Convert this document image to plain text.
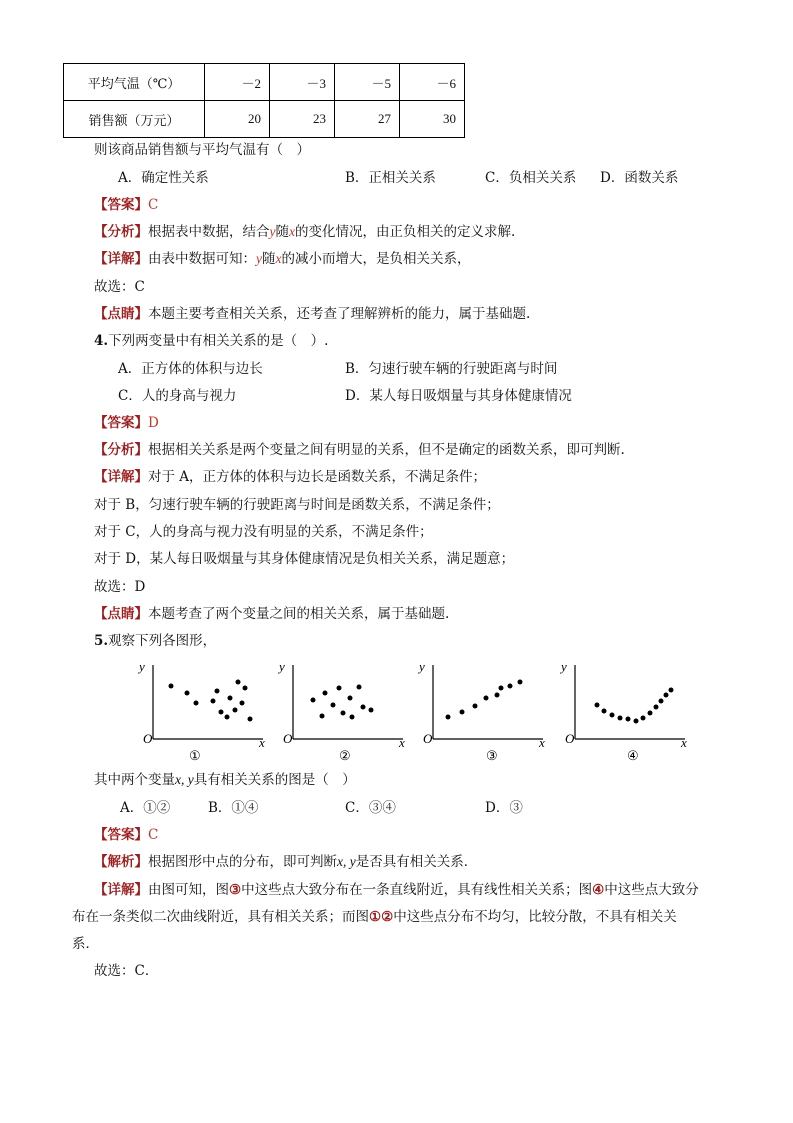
平均气温（℃）	－2	－3	－5	－6
销售额（万元）	20	23	27	30
则该商品销售额与平均气温有（　）
A．确定性关系	B．正相关关系	C．负相关关系 D．函数关系
【答案】C
【分析】根据表中数据，结合y随x的变化情况，由正负相关的定义求解.
【详解】由表中数据可知：y随x的减小而增大，是负相关关系，
故选：C
【点睛】本题主要考查相关关系，还考查了理解辨析的能力，属于基础题.
4.下列两变量中有相关关系的是（　）.
A．正方体的体积与边长	B．匀速行驶车辆的行驶距离与时间
C．人的身高与视力	D．某人每日吸烟量与其身体健康情况
【答案】D
【分析】根据相关关系是两个变量之间有明显的关系，但不是确定的函数关系，即可判断.
【详解】对于 A，正方体的体积与边长是函数关系，不满足条件；
对于 B，匀速行驶车辆的行驶距离与时间是函数关系，不满足条件；
对于 C，人的身高与视力没有明显的关系，不满足条件；
对于 D，某人每日吸烟量与其身体健康情况是负相关关系，满足题意；
故选：D
【点睛】本题考查了两个变量之间的相关关系，属于基础题.
5.观察下列各图形，
y
x
O
①
y
x
O
②
y
x
O
③
y
x
O
④
其中两个变量x, y具有相关关系的图是（　）
A．①②	B．①④	C．③④	D．③
【答案】C
【解析】根据图形中点的分布，即可判断x, y是否具有相关关系．
【详解】由图可知，图③中这些点大致分布在一条直线附近，具有线性相关关系；图④中这些点大致分
布在一条类似二次曲线附近，具有相关关系；而图①②中这些点分布不均匀，比较分散，不具有相关关
系．
故选：C．
